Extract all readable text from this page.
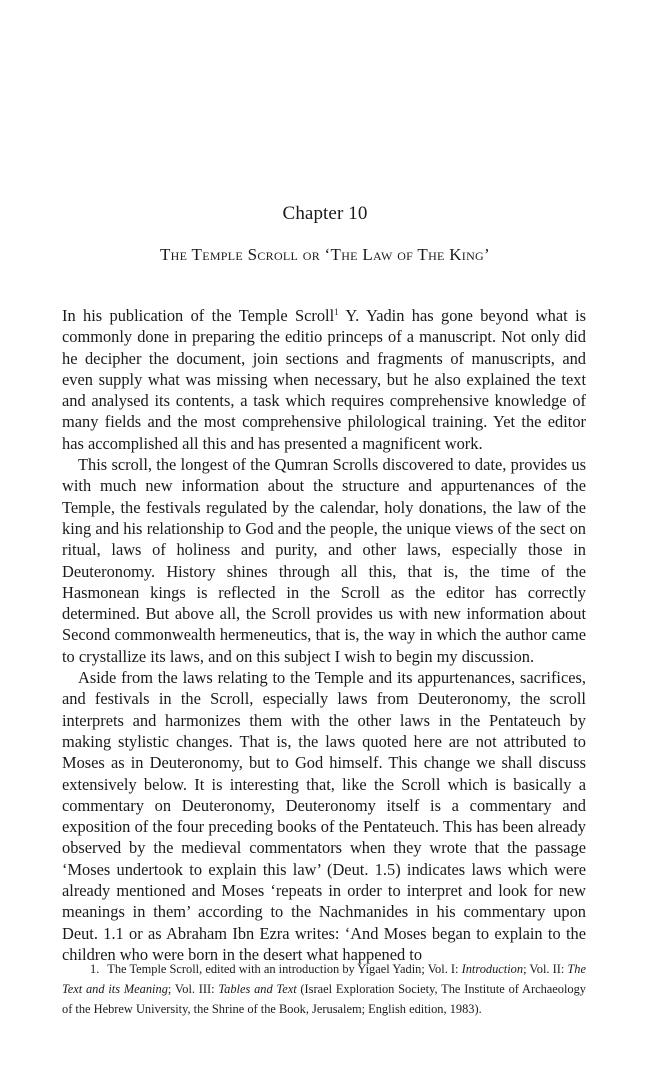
Chapter 10
The Temple Scroll or ‘The Law of The King’

In his publication of the Temple Scroll$^1$ Y. Yadin has gone beyond what is commonly done in preparing the editio princeps of a manuscript. Not only did he decipher the document, join sections and fragments of manuscripts, and even supply what was missing when necessary, but he also explained the text and analysed its contents, a task which requires comprehensive knowledge of many fields and the most comprehensive philological training. Yet the editor has accomplished all this and has presented a magnificent work.

This scroll, the longest of the Qumran Scrolls discovered to date, provides us with much new information about the structure and appurtenances of the Temple, the festivals regulated by the calendar, holy donations, the law of the king and his relationship to God and the people, the unique views of the sect on ritual, laws of holiness and purity, and other laws, especially those in Deuteronomy. History shines through all this, that is, the time of the Hasmonean kings is reflected in the Scroll as the editor has correctly determined. But above all, the Scroll provides us with new information about Second commonwealth hermeneutics, that is, the way in which the author came to crystallize its laws, and on this subject I wish to begin my discussion.

Aside from the laws relating to the Temple and its appurtenances, sacrifices, and festivals in the Scroll, especially laws from Deuteronomy, the scroll interprets and harmonizes them with the other laws in the Pentateuch by making stylistic changes. That is, the laws quoted here are not attributed to Moses as in Deuteronomy, but to God himself. This change we shall discuss extensively below. It is interesting that, like the Scroll which is basically a commentary on Deuteronomy, Deuteronomy itself is a commentary and exposition of the four preceding books of the Pentateuch. This has been already observed by the medieval commentators when they wrote that the passage ‘Moses undertook to explain this law’ (Deut. 1.5) indicates laws which were already mentioned and Moses ‘repeats in order to interpret and look for new meanings in them’ according to the Nachmanides in his commentary upon Deut. 1.1 or as Abraham Ibn Ezra writes: ‘And Moses began to explain to the children who were born in the desert what happened to

1. The Temple Scroll, edited with an introduction by Yigael Yadin; Vol. I: Introduction; Vol. II: The Text and its Meaning; Vol. III: Tables and Text (Israel Exploration Society, The Institute of Archaeology of the Hebrew University, the Shrine of the Book, Jerusalem; English edition, 1983).
